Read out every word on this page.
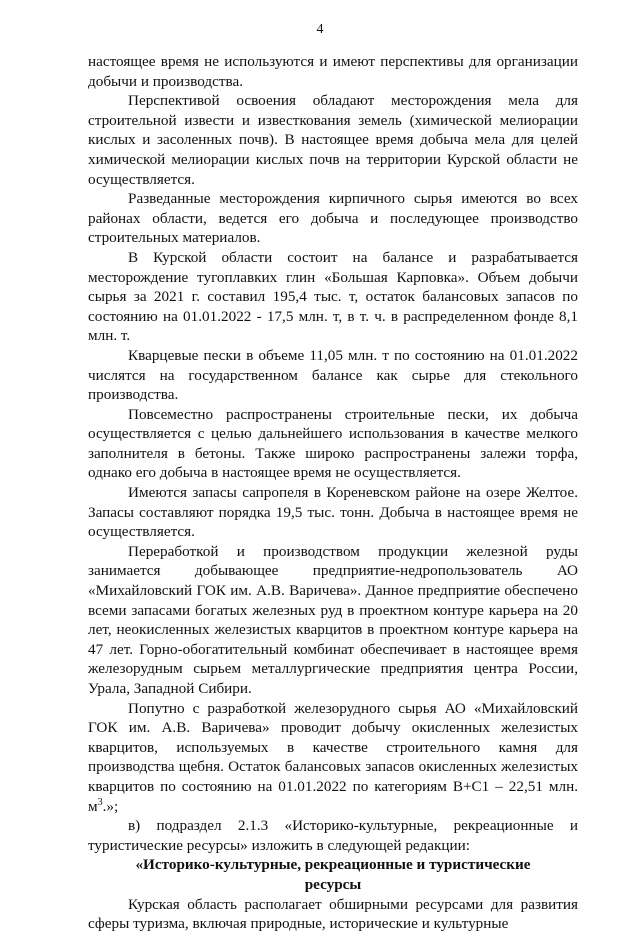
4

настоящее время не используются и имеют перспективы для организации добычи и производства.

Перспективой освоения обладают месторождения мела для строительной извести и известкования земель (химической мелиорации кислых и засоленных почв). В настоящее время добыча мела для целей химической мелиорации кислых почв на территории Курской области не осуществляется.

Разведанные месторождения кирпичного сырья имеются во всех районах области, ведется его добыча и последующее производство строительных материалов.

В Курской области состоит на балансе и разрабатывается месторождение тугоплавких глин «Большая Карповка». Объем добычи сырья за 2021 г. составил 195,4 тыс. т, остаток балансовых запасов по состоянию на 01.01.2022 - 17,5 млн. т, в т. ч. в распределенном фонде 8,1 млн. т.

Кварцевые пески в объеме 11,05 млн. т по состоянию на 01.01.2022 числятся на государственном балансе как сырье для стекольного производства.

Повсеместно распространены строительные пески, их добыча осуществляется с целью дальнейшего использования в качестве мелкого заполнителя в бетоны. Также широко распространены залежи торфа, однако его добыча в настоящее время не осуществляется.

Имеются запасы сапропеля в Кореневском районе на озере Желтое. Запасы составляют порядка 19,5 тыс. тонн. Добыча в настоящее время не осуществляется.

Переработкой и производством продукции железной руды занимается добывающее предприятие-недропользователь АО «Михайловский ГОК им. А.В. Варичева». Данное предприятие обеспечено всеми запасами богатых железных руд в проектном контуре карьера на 20 лет, неокисленных железистых кварцитов в проектном контуре карьера на 47 лет. Горно-обогатительный комбинат обеспечивает в настоящее время железорудным сырьем металлургические предприятия центра России, Урала, Западной Сибири.

Попутно с разработкой железорудного сырья АО «Михайловский ГОК им. А.В. Варичева» проводит добычу окисленных железистых кварцитов, используемых в качестве строительного камня для производства щебня. Остаток балансовых запасов окисленных железистых кварцитов по состоянию на 01.01.2022 по категориям В+С1 – 22,51 млн. $м^3$.»;

в) подраздел 2.1.3 «Историко-культурные, рекреационные и туристические ресурсы» изложить в следующей редакции:

«Историко-культурные, рекреационные и туристические ресурсы

Курская область располагает обширными ресурсами для развития сферы туризма, включая природные, исторические и культурные
